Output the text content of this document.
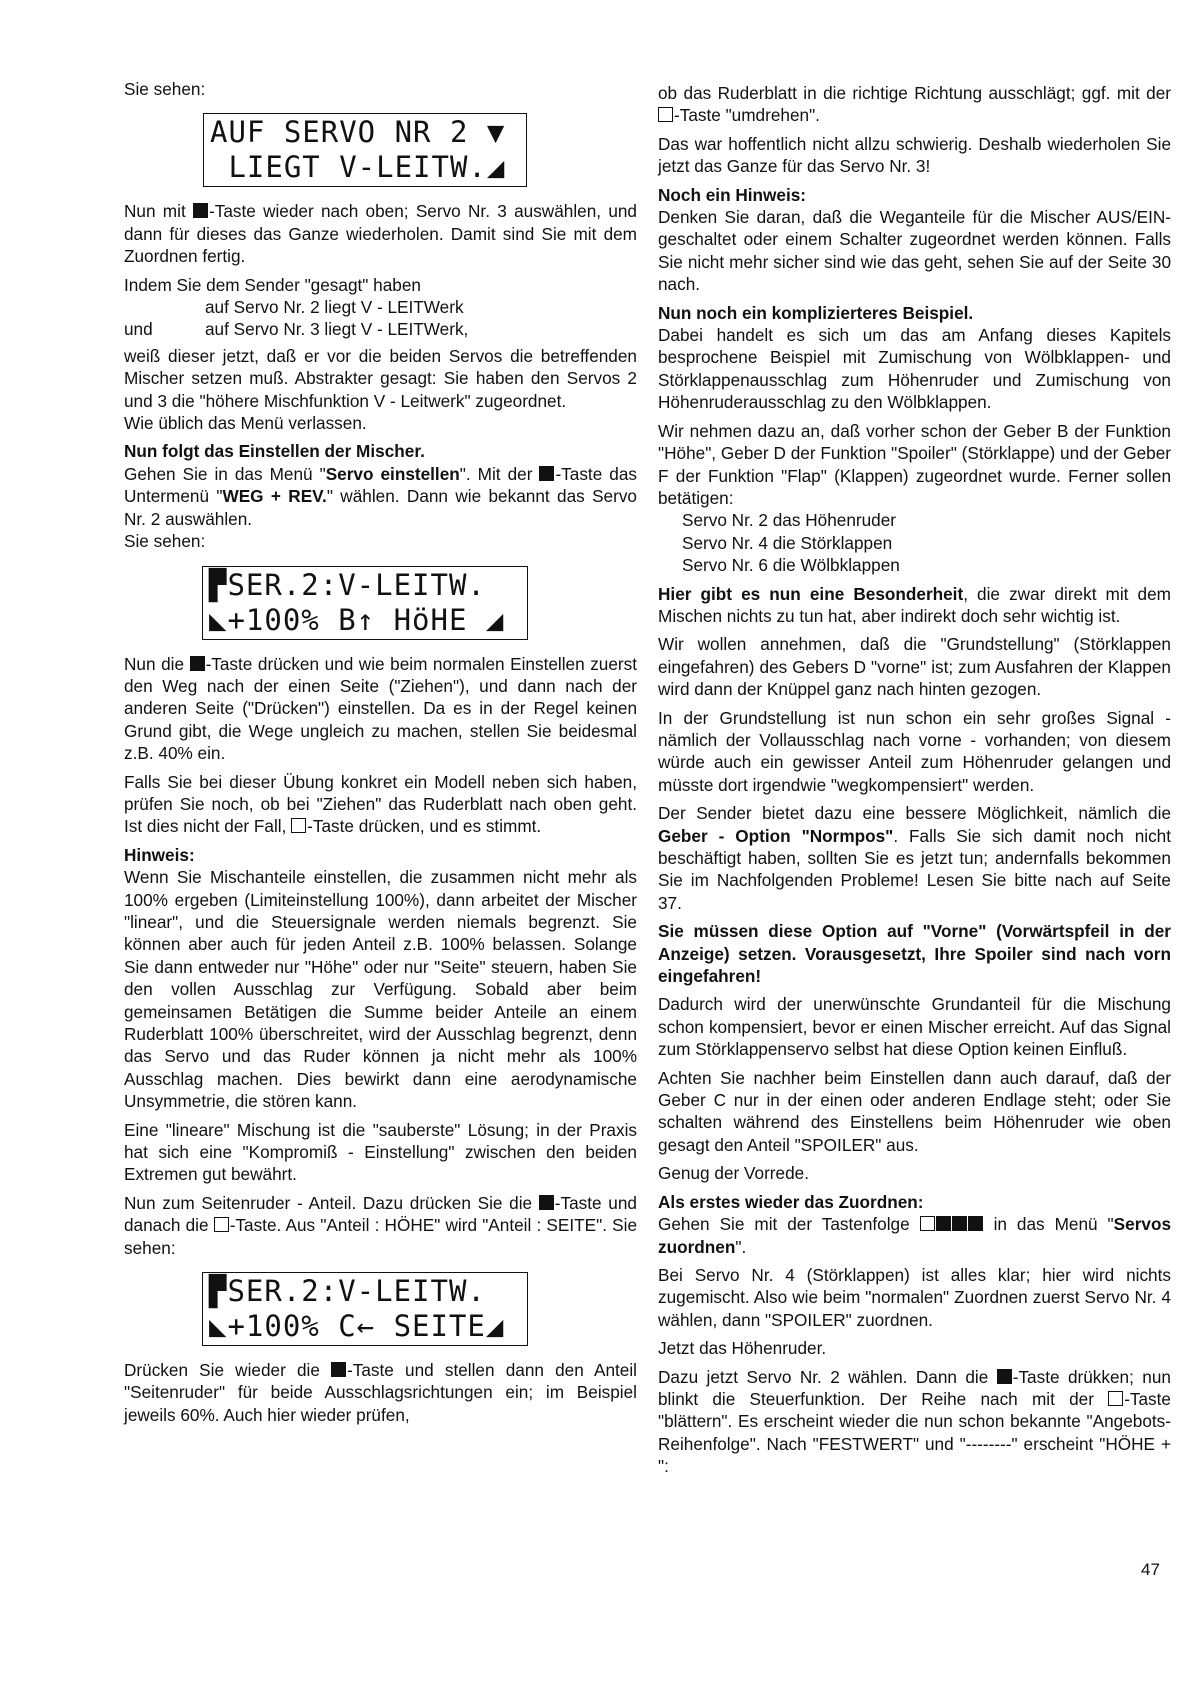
Sie sehen:

AUF SERVO NR 2 ▼
LIEGT V-LEITW.◢

Nun mit -Taste wieder nach oben; Servo Nr. 3 auswählen, und dann für dieses das Ganze wiederholen. Damit sind Sie mit dem Zuordnen fertig.

Indem Sie dem Sender "gesagt" haben

auf Servo Nr. 2 liegt V - LEITWerk

und	auf Servo Nr. 3 liegt V - LEITWerk,

weiß dieser jetzt, daß er vor die beiden Servos die betreffenden Mischer setzen muß. Abstrakter gesagt: Sie haben den Servos 2 und 3 die "höhere Mischfunktion V - Leitwerk" zugeordnet.

Wie üblich das Menü verlassen.

Nun folgt das Einstellen der Mischer.

Gehen Sie in das Menü "Servo einstellen". Mit der -Taste das Untermenü "WEG + REV." wählen. Dann wie bekannt das Servo Nr. 2 auswählen.

Sie sehen:

▛SER.2:V-LEITW.
◣+100% B↑ HöHE ◢

Nun die -Taste drücken und wie beim normalen Einstellen zuerst den Weg nach der einen Seite ("Ziehen"), und dann nach der anderen Seite ("Drücken") einstellen. Da es in der Regel keinen Grund gibt, die Wege ungleich zu machen, stellen Sie beidesmal z.B. 40% ein.

Falls Sie bei dieser Übung konkret ein Modell neben sich haben, prüfen Sie noch, ob bei "Ziehen" das Ruderblatt nach oben geht. Ist dies nicht der Fall, -Taste drücken, und es stimmt.

Hinweis:

Wenn Sie Mischanteile einstellen, die zusammen nicht mehr als 100% ergeben (Limiteinstellung 100%), dann arbeitet der Mischer "linear", und die Steuersignale werden niemals begrenzt. Sie können aber auch für jeden Anteil z.B. 100% belassen. Solange Sie dann entweder nur "Höhe" oder nur "Seite" steuern, haben Sie den vollen Ausschlag zur Verfügung. Sobald aber beim gemeinsamen Betätigen die Summe beider Anteile an einem Ruderblatt 100% überschreitet, wird der Ausschlag begrenzt, denn das Servo und das Ruder können ja nicht mehr als 100% Ausschlag machen. Dies bewirkt dann eine aerodynamische Unsymmetrie, die stören kann.

Eine "lineare" Mischung ist die "sauberste" Lösung; in der Praxis hat sich eine "Kompromiß - Einstellung" zwischen den beiden Extremen gut bewährt.

Nun zum Seitenruder - Anteil. Dazu drücken Sie die -Taste und danach die -Taste. Aus "Anteil : HÖHE" wird "Anteil : SEITE". Sie sehen:

▛SER.2:V-LEITW.
◣+100% C← SEITE◢

Drücken Sie wieder die -Taste und stellen dann den Anteil "Seitenruder" für beide Ausschlagsrichtungen ein; im Beispiel jeweils 60%. Auch hier wieder prüfen,

ob das Ruderblatt in die richtige Richtung ausschlägt; ggf. mit der -Taste "umdrehen".

Das war hoffentlich nicht allzu schwierig. Deshalb wiederholen Sie jetzt das Ganze für das Servo Nr. 3!

Noch ein Hinweis:

Denken Sie daran, daß die Weganteile für die Mischer AUS/EIN-geschaltet oder einem Schalter zugeordnet werden können. Falls Sie nicht mehr sicher sind wie das geht, sehen Sie auf der Seite 30 nach.

Nun noch ein komplizierteres Beispiel.

Dabei handelt es sich um das am Anfang dieses Kapitels besprochene Beispiel mit Zumischung von Wölbklappen- und Störklappenausschlag zum Höhenruder und Zumischung von Höhenruderausschlag zu den Wölbklappen.

Wir nehmen dazu an, daß vorher schon der Geber B der Funktion "Höhe", Geber D der Funktion "Spoiler" (Störklappe) und der Geber F der Funktion "Flap" (Klappen) zugeordnet wurde. Ferner sollen betätigen:

Servo Nr. 2 das Höhenruder
Servo Nr. 4 die Störklappen
Servo Nr. 6 die Wölbklappen

Hier gibt es nun eine Besonderheit, die zwar direkt mit dem Mischen nichts zu tun hat, aber indirekt doch sehr wichtig ist.

Wir wollen annehmen, daß die "Grundstellung" (Störklappen eingefahren) des Gebers D "vorne" ist; zum Ausfahren der Klappen wird dann der Knüppel ganz nach hinten gezogen.

In der Grundstellung ist nun schon ein sehr großes Signal - nämlich der Vollausschlag nach vorne - vorhanden; von diesem würde auch ein gewisser Anteil zum Höhenruder gelangen und müsste dort irgendwie "wegkompensiert" werden.

Der Sender bietet dazu eine bessere Möglichkeit, nämlich die Geber - Option "Normpos". Falls Sie sich damit noch nicht beschäftigt haben, sollten Sie es jetzt tun; andernfalls bekommen Sie im Nachfolgenden Probleme! Lesen Sie bitte nach auf Seite 37.

Sie müssen diese Option auf "Vorne" (Vorwärtspfeil in der Anzeige) setzen. Vorausgesetzt, Ihre Spoiler sind nach vorn eingefahren!

Dadurch wird der unerwünschte Grundanteil für die Mischung schon kompensiert, bevor er einen Mischer erreicht. Auf das Signal zum Störklappenservo selbst hat diese Option keinen Einfluß.

Achten Sie nachher beim Einstellen dann auch darauf, daß der Geber C nur in der einen oder anderen Endlage steht; oder Sie schalten während des Einstellens beim Höhenruder wie oben gesagt den Anteil "SPOILER" aus.

Genug der Vorrede.

Als erstes wieder das Zuordnen:

Gehen Sie mit der Tastenfolge	in das Menü "Servos zuordnen".

Bei Servo Nr. 4 (Störklappen) ist alles klar; hier wird nichts zugemischt. Also wie beim "normalen" Zuordnen zuerst Servo Nr. 4 wählen, dann "SPOILER" zuordnen.

Jetzt das Höhenruder.

Dazu jetzt Servo Nr. 2 wählen. Dann die -Taste drükken; nun blinkt die Steuerfunktion. Der Reihe nach mit der -Taste "blättern". Es erscheint wieder die nun schon bekannte "Angebots-Reihenfolge". Nach "FESTWERT" und "--------" erscheint "HÖHE + ":

47
